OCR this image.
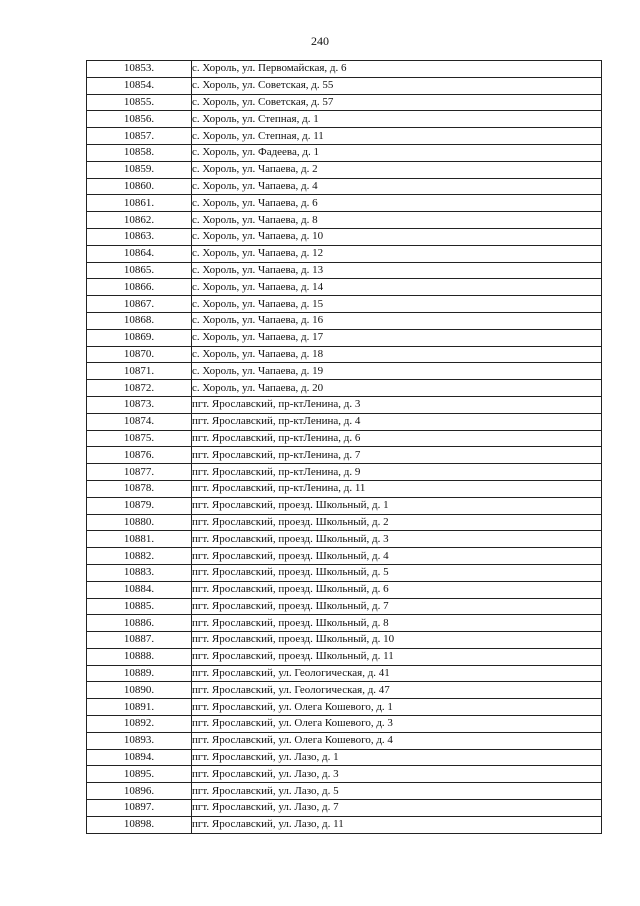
240
10853.	с. Хороль, ул. Первомайская, д. 6
10854.	с. Хороль, ул. Советская, д. 55
10855.	с. Хороль, ул. Советская, д. 57
10856.	с. Хороль, ул. Степная, д. 1
10857.	с. Хороль, ул. Степная, д. 11
10858.	с. Хороль, ул. Фадеева, д. 1
10859.	с. Хороль, ул. Чапаева, д. 2
10860.	с. Хороль, ул. Чапаева, д. 4
10861.	с. Хороль, ул. Чапаева, д. 6
10862.	с. Хороль, ул. Чапаева, д. 8
10863.	с. Хороль, ул. Чапаева, д. 10
10864.	с. Хороль, ул. Чапаева, д. 12
10865.	с. Хороль, ул. Чапаева, д. 13
10866.	с. Хороль, ул. Чапаева, д. 14
10867.	с. Хороль, ул. Чапаева, д. 15
10868.	с. Хороль, ул. Чапаева, д. 16
10869.	с. Хороль, ул. Чапаева, д. 17
10870.	с. Хороль, ул. Чапаева, д. 18
10871.	с. Хороль, ул. Чапаева, д. 19
10872.	с. Хороль, ул. Чапаева, д. 20
10873.	пгт. Ярославский, пр-ктЛенина, д. 3
10874.	пгт. Ярославский, пр-ктЛенина, д. 4
10875.	пгт. Ярославский, пр-ктЛенина, д. 6
10876.	пгт. Ярославский, пр-ктЛенина, д. 7
10877.	пгт. Ярославский, пр-ктЛенина, д. 9
10878.	пгт. Ярославский, пр-ктЛенина, д. 11
10879.	пгт. Ярославский, проезд. Школьный, д. 1
10880.	пгт. Ярославский, проезд. Школьный, д. 2
10881.	пгт. Ярославский, проезд. Школьный, д. 3
10882.	пгт. Ярославский, проезд. Школьный, д. 4
10883.	пгт. Ярославский, проезд. Школьный, д. 5
10884.	пгт. Ярославский, проезд. Школьный, д. 6
10885.	пгт. Ярославский, проезд. Школьный, д. 7
10886.	пгт. Ярославский, проезд. Школьный, д. 8
10887.	пгт. Ярославский, проезд. Школьный, д. 10
10888.	пгт. Ярославский, проезд. Школьный, д. 11
10889.	пгт. Ярославский, ул. Геологическая, д. 41
10890.	пгт. Ярославский, ул. Геологическая, д. 47
10891.	пгт. Ярославский, ул. Олега Кошевого, д. 1
10892.	пгт. Ярославский, ул. Олега Кошевого, д. 3
10893.	пгт. Ярославский, ул. Олега Кошевого, д. 4
10894.	пгт. Ярославский, ул. Лазо, д. 1
10895.	пгт. Ярославский, ул. Лазо, д. 3
10896.	пгт. Ярославский, ул. Лазо, д. 5
10897.	пгт. Ярославский, ул. Лазо, д. 7
10898.	пгт. Ярославский, ул. Лазо, д. 11
